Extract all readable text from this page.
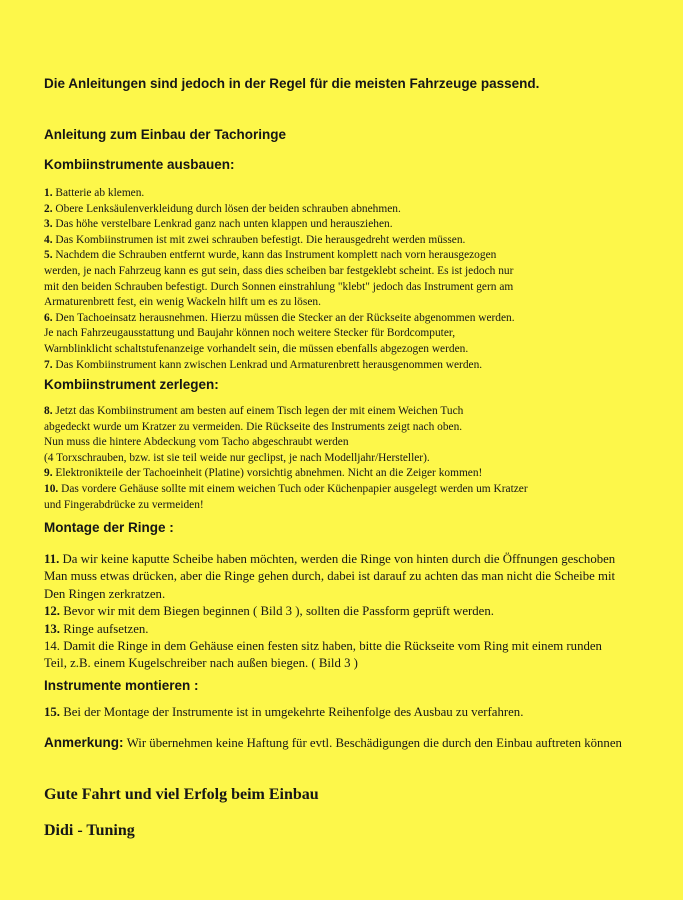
Die Anleitungen sind jedoch in der Regel für die meisten Fahrzeuge passend.
Anleitung zum Einbau der Tachoringe
Kombiinstrumente ausbauen:

1. Batterie ab klemen.

2. Obere Lenksäulenverkleidung durch lösen der beiden schrauben abnehmen.

3. Das höhe verstelbare Lenkrad ganz nach unten klappen und herausziehen.

4. Das Kombiinstrumen ist mit zwei schrauben befestigt. Die herausgedreht werden müssen.

5. Nachdem die Schrauben entfernt wurde, kann das Instrument komplett nach vorn herausgezogen

werden, je nach Fahrzeug kann es gut sein, dass dies scheiben bar festgeklebt scheint. Es ist jedoch nur

mit den beiden Schrauben befestigt. Durch Sonnen einstrahlung "klebt" jedoch das Instrument gern am

Armaturenbrett fest, ein wenig Wackeln hilft um es zu lösen.

6. Den Tachoeinsatz herausnehmen. Hierzu müssen die Stecker an der Rückseite abgenommen werden.

Je nach Fahrzeugausstattung und Baujahr können noch weitere Stecker für Bordcomputer,

Warnblinklicht schaltstufenanzeige vorhandelt sein, die müssen ebenfalls abgezogen werden.

7. Das Kombiinstrument kann zwischen Lenkrad und Armaturenbrett herausgenommen werden.

Kombiinstrument zerlegen:

8. Jetzt das Kombiinstrument am besten auf einem Tisch legen der mit einem Weichen Tuch

abgedeckt wurde um Kratzer zu vermeiden. Die Rückseite des Instruments zeigt nach oben.

Nun muss die hintere Abdeckung vom Tacho abgeschraubt werden

(4 Torxschrauben, bzw. ist sie teil weide nur geclipst, je nach Modelljahr/Hersteller).

9. Elektronikteile der Tachoeinheit (Platine) vorsichtig abnehmen. Nicht an die Zeiger kommen!

10. Das vordere Gehäuse sollte mit einem weichen Tuch oder Küchenpapier ausgelegt werden um Kratzer

und Fingerabdrücke zu vermeiden!

Montage der Ringe :

11. Da wir keine kaputte Scheibe haben möchten, werden die Ringe von hinten durch die Öffnungen geschoben

Man muss etwas drücken, aber die Ringe gehen durch, dabei ist darauf zu achten das man nicht die Scheibe mit

Den Ringen zerkratzen.

12. Bevor wir mit dem Biegen beginnen ( Bild 3 ), sollten die Passform geprüft werden.

13. Ringe aufsetzen.

14. Damit die Ringe in dem Gehäuse einen festen sitz haben, bitte die Rückseite vom Ring mit einem runden

Teil, z.B. einem Kugelschreiber nach außen biegen. ( Bild 3 )

Instrumente montieren :

15. Bei der Montage der Instrumente ist in umgekehrte Reihenfolge des Ausbau zu verfahren.

Anmerkung: Wir übernehmen keine Haftung für evtl. Beschädigungen die durch den Einbau auftreten können
Gute Fahrt und viel Erfolg beim Einbau
Didi - Tuning
